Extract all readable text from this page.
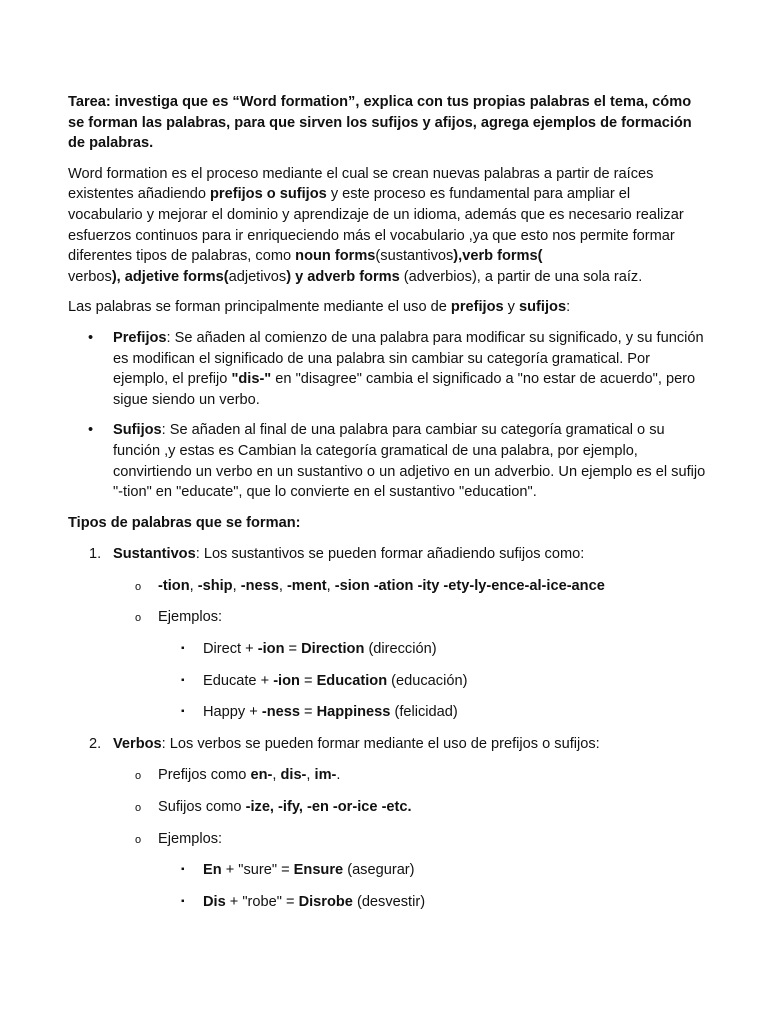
Tarea: investiga que es “Word formation”, explica con tus propias palabras el tema, cómo se forman las palabras, para que sirven los sufijos y afijos, agrega ejemplos de formación de palabras.

Word formation es el proceso mediante el cual se crean nuevas palabras a partir de raíces existentes añadiendo prefijos o sufijos y este proceso es fundamental para ampliar el vocabulario y mejorar el dominio y aprendizaje de un idioma, además que es necesario realizar esfuerzos continuos para ir enriqueciendo más el vocabulario ,ya que esto nos permite formar diferentes tipos de palabras, como noun forms(sustantivos),verb forms(
verbos), adjetive forms(adjetivos) y adverb forms (adverbios), a partir de una sola raíz.

Las palabras se forman principalmente mediante el uso de prefijos y sufijos:

• Prefijos: Se añaden al comienzo de una palabra para modificar su significado, y su función es modifican el significado de una palabra sin cambiar su categoría gramatical. Por ejemplo, el prefijo "dis-" en "disagree" cambia el significado a "no estar de acuerdo", pero sigue siendo un verbo.
• Sufijos: Se añaden al final de una palabra para cambiar su categoría gramatical o su función ,y estas es Cambian la categoría gramatical de una palabra, por ejemplo, convirtiendo un verbo en un sustantivo o un adjetivo en un adverbio. Un ejemplo es el sufijo "-tion" en "educate", que lo convierte en el sustantivo "education".

Tipos de palabras que se forman:

1. Sustantivos: Los sustantivos se pueden formar añadiendo sufijos como:
o -tion, -ship, -ness, -ment, -sion -ation -ity -ety-ly-ence-al-ice-ance
o Ejemplos:
▪ Direct + -ion = Direction (dirección)
▪ Educate + -ion = Education (educación)
▪ Happy + -ness = Happiness (felicidad)
2. Verbos: Los verbos se pueden formar mediante el uso de prefijos o sufijos:
o Prefijos como en-, dis-, im-.
o Sufijos como -ize, -ify, -en -or-ice -etc.
o Ejemplos:
▪ En + "sure" = Ensure (asegurar)
▪ Dis + "robe" = Disrobe (desvestir)
